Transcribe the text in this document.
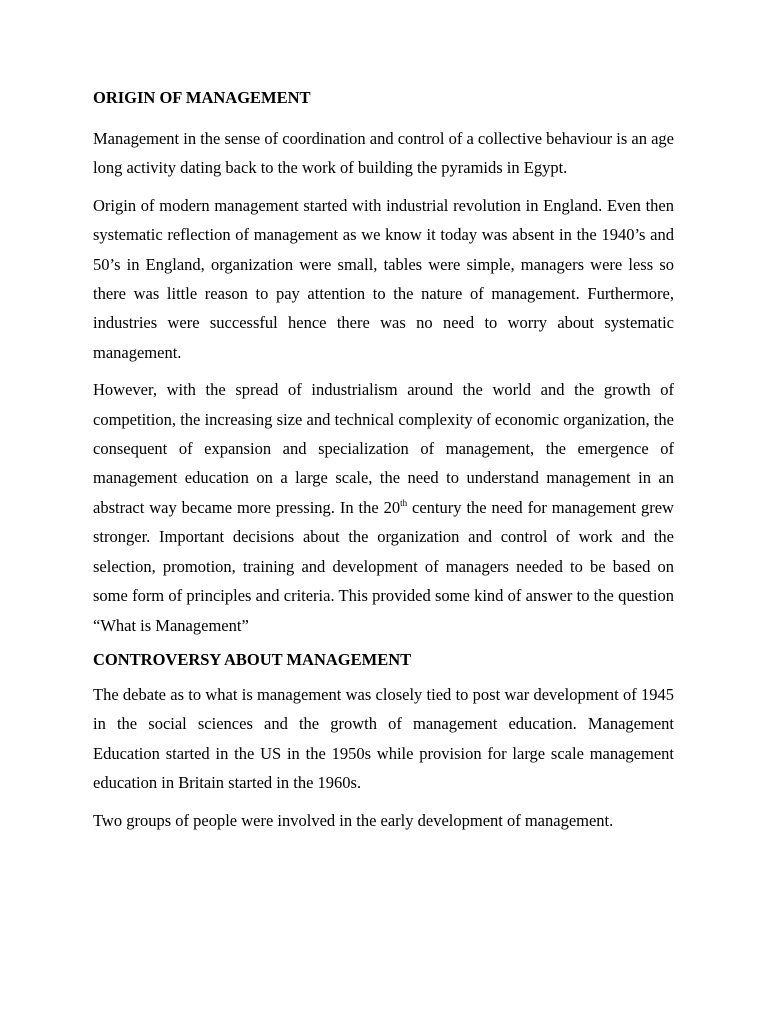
ORIGIN OF MANAGEMENT

Management in the sense of coordination and control of a collective behaviour is an age long activity dating back to the work of building the pyramids in Egypt.

Origin of modern management started with industrial revolution in England. Even then systematic reflection of management as we know it today was absent in the 1940’s and 50’s in England, organization were small, tables were simple, managers were less so there was little reason to pay attention to the nature of management. Furthermore, industries were successful hence there was no need to worry about systematic management.

However, with the spread of industrialism around the world and the growth of competition, the increasing size and technical complexity of economic organization, the consequent of expansion and specialization of management, the emergence of management education on a large scale, the need to understand management in an abstract way became more pressing. In the 20th century the need for management grew stronger. Important decisions about the organization and control of work and the selection, promotion, training and development of managers needed to be based on some form of principles and criteria. This provided some kind of answer to the question “What is Management”

CONTROVERSY ABOUT MANAGEMENT

The debate as to what is management was closely tied to post war development of 1945 in the social sciences and the growth of management education. Management Education started in the US in the 1950s while provision for large scale management education in Britain started in the 1960s.

Two groups of people were involved in the early development of management.
